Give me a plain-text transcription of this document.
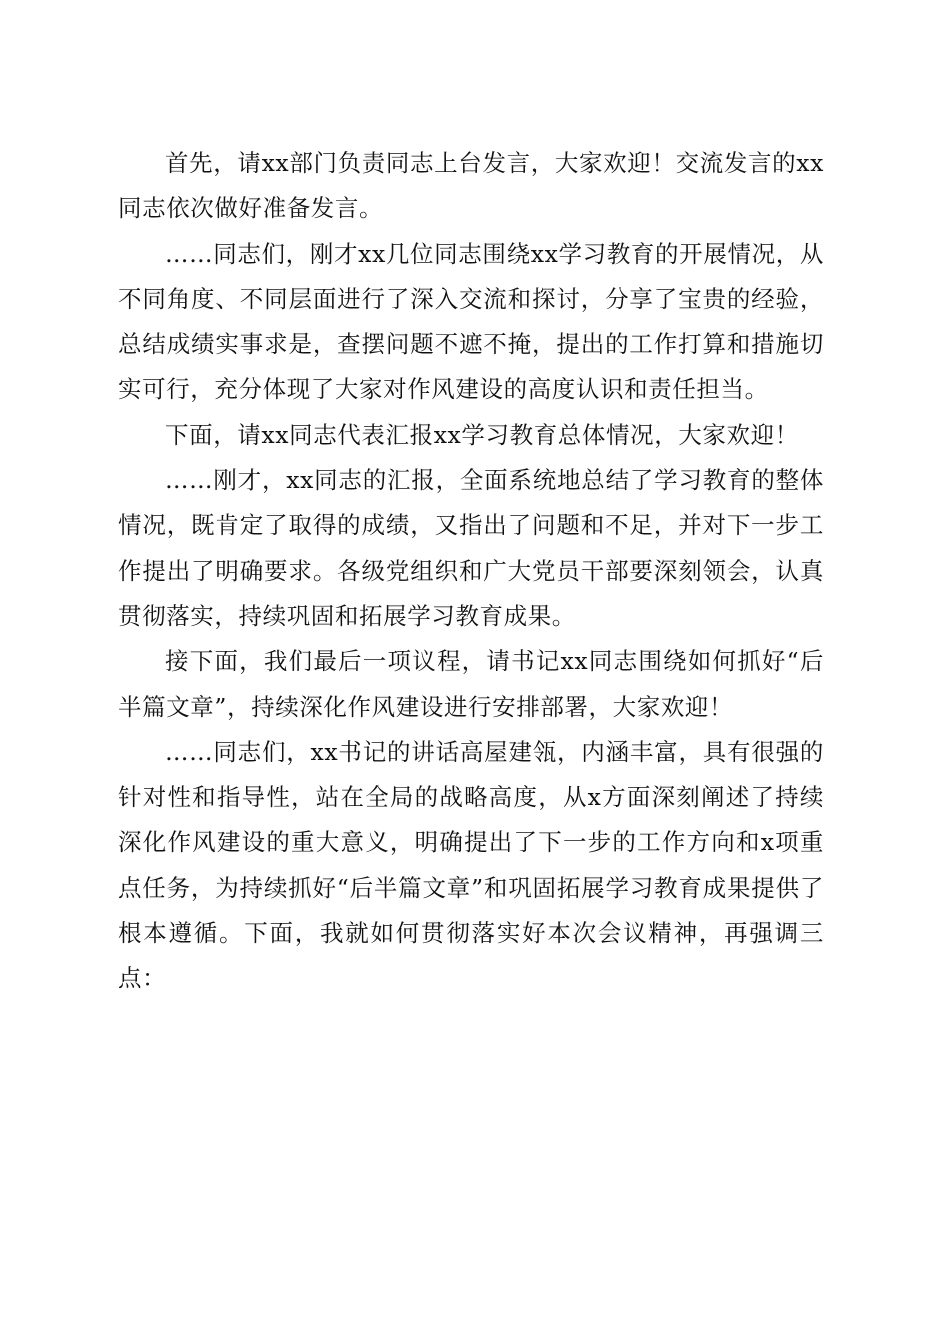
首先，请xx部门负责同志上台发言，大家欢迎！交流发言的xx同志依次做好准备发言。

……同志们，刚才xx几位同志围绕xx学习教育的开展情况，从不同角度、不同层面进行了深入交流和探讨，分享了宝贵的经验，总结成绩实事求是，查摆问题不遮不掩，提出的工作打算和措施切实可行，充分体现了大家对作风建设的高度认识和责任担当。

下面，请xx同志代表汇报xx学习教育总体情况，大家欢迎！

……刚才，xx同志的汇报，全面系统地总结了学习教育的整体情况，既肯定了取得的成绩，又指出了问题和不足，并对下一步工作提出了明确要求。各级党组织和广大党员干部要深刻领会，认真贯彻落实，持续巩固和拓展学习教育成果。

接下面，我们最后一项议程，请书记xx同志围绕如何抓好“后半篇文章”，持续深化作风建设进行安排部署，大家欢迎！

……同志们，xx书记的讲话高屋建瓴，内涵丰富，具有很强的针对性和指导性，站在全局的战略高度，从x方面深刻阐述了持续深化作风建设的重大意义，明确提出了下一步的工作方向和x项重点任务，为持续抓好“后半篇文章”和巩固拓展学习教育成果提供了根本遵循。下面，我就如何贯彻落实好本次会议精神，再强调三点：
